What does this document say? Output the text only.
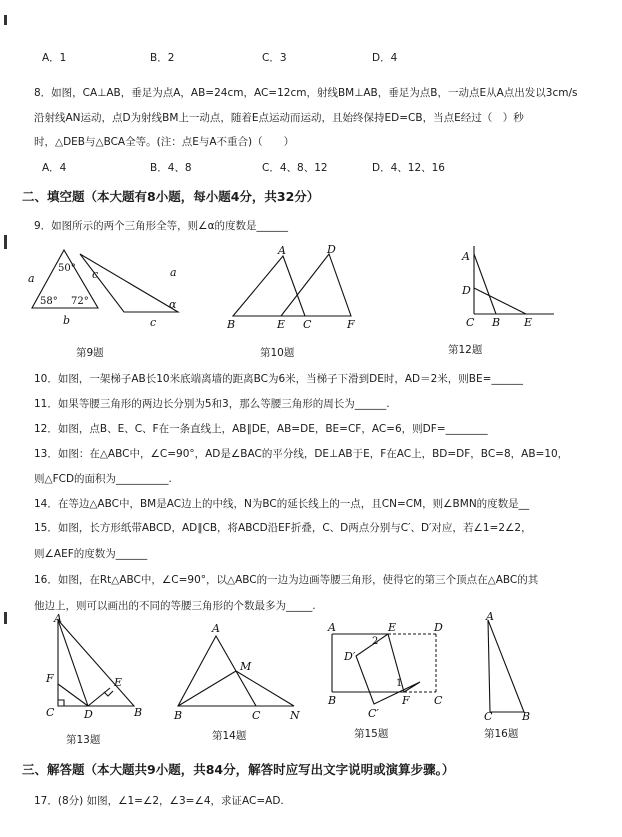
A．1	B．2	C．3	D．4
8．如图，CA⊥AB，垂足为点A，AB=24cm，AC=12cm，射线BM⊥AB，垂足为点B，一动点E从A点出发以3cm/s
沿射线AN运动，点D为射线BM上一动点，随着E点运动而运动，且始终保持ED=CB，当点E经过（　）秒
时，△DEB与△BCA全等。(注：点E与A不重合)（　　）
A．4	B．4、8	C．4、8、12	D．4、12、16
二、填空题（本大题有8小题，每小题4分，共32分）
9．如图所示的两个三角形全等，则∠α的度数是______
a	c
b
50°
58° 72°
a
c
α
A	D
B	E C	F
A
D
C B E
第9题	第10题	第12题
10．如图，一架梯子AB长10米底端离墙的距离BC为6米，当梯子下滑到DE时，AD＝2米，则BE=______
11．如果等腰三角形的两边长分别为5和3，那么等腰三角形的周长为______.
12．如图，点B、E、C、F在一条直线上，AB∥DE，AB=DE，BE=CF，AC=6，则DF=________
13．如图：在△ABC中，∠C=90°，AD是∠BAC的平分线，DE⊥AB于E，F在AC上，BD=DF，BC=8，AB=10，
则△FCD的面积为__________.
14．在等边△ABC中，BM是AC边上的中线，N为BC的延长线上的一点，且CN=CM，则∠BMN的度数是__
15．如图，长方形纸带ABCD，AD∥CB，将ABCD沿EF折叠，C、D两点分别与C′、D′对应，若∠1=2∠2，
则∠AEF的度数为______
16．如图，在Rt△ABC中，∠C=90°，以△ABC的一边为边画等腰三角形，使得它的第三个顶点在△ABC的其
他边上，则可以画出的不同的等腰三角形的个数最多为_____.
A
F	E
C	D	B
A
M
B	C	N
A	E	D
D′
2
1
B	F C
C′
A
C	B
第13题	第14题	第15题	第16题
三、解答题（本大题共9小题，共84分，解答时应写出文字说明或演算步骤。）
17．(8分) 如图，∠1=∠2，∠3=∠4，求证AC=AD.
